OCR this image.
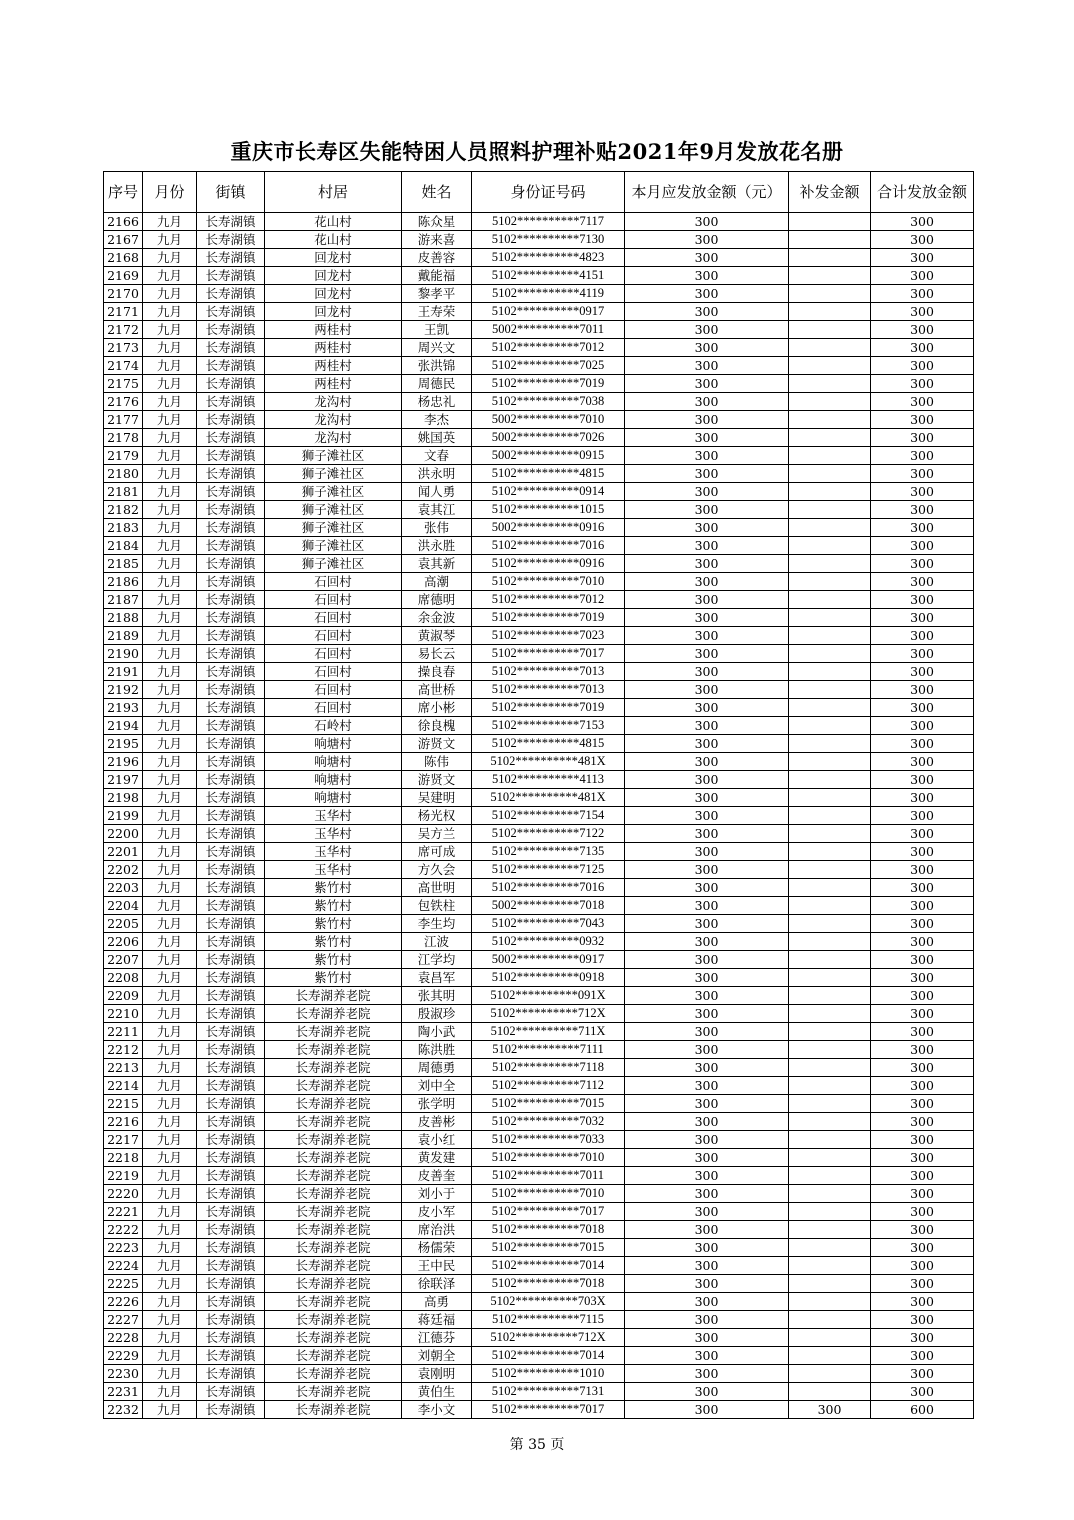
重庆市长寿区失能特困人员照料护理补贴2021年9月发放花名册
序号	月份	街镇	村居	姓名	身份证号码	本月应发放金额（元）	补发金额	合计发放金额
2166	九月	长寿湖镇	花山村	陈众星	5102**********7117	300		300
2167	九月	长寿湖镇	花山村	游来喜	5102**********7130	300		300
2168	九月	长寿湖镇	回龙村	皮善容	5102**********4823	300		300
2169	九月	长寿湖镇	回龙村	戴能福	5102**********4151	300		300
2170	九月	长寿湖镇	回龙村	黎孝平	5102**********4119	300		300
2171	九月	长寿湖镇	回龙村	王寿荣	5102**********0917	300		300
2172	九月	长寿湖镇	两桂村	王凯	5002**********7011	300		300
2173	九月	长寿湖镇	两桂村	周兴文	5102**********7012	300		300
2174	九月	长寿湖镇	两桂村	张洪锦	5102**********7025	300		300
2175	九月	长寿湖镇	两桂村	周德民	5102**********7019	300		300
2176	九月	长寿湖镇	龙沟村	杨忠礼	5102**********7038	300		300
2177	九月	长寿湖镇	龙沟村	李杰	5002**********7010	300		300
2178	九月	长寿湖镇	龙沟村	姚国英	5002**********7026	300		300
2179	九月	长寿湖镇	狮子滩社区	文春	5002**********0915	300		300
2180	九月	长寿湖镇	狮子滩社区	洪永明	5102**********4815	300		300
2181	九月	长寿湖镇	狮子滩社区	闻人勇	5102**********0914	300		300
2182	九月	长寿湖镇	狮子滩社区	袁其江	5102**********1015	300		300
2183	九月	长寿湖镇	狮子滩社区	张伟	5002**********0916	300		300
2184	九月	长寿湖镇	狮子滩社区	洪永胜	5102**********7016	300		300
2185	九月	长寿湖镇	狮子滩社区	袁其新	5102**********0916	300		300
2186	九月	长寿湖镇	石回村	高潮	5102**********7010	300		300
2187	九月	长寿湖镇	石回村	席德明	5102**********7012	300		300
2188	九月	长寿湖镇	石回村	余金波	5102**********7019	300		300
2189	九月	长寿湖镇	石回村	黄淑琴	5102**********7023	300		300
2190	九月	长寿湖镇	石回村	易长云	5102**********7017	300		300
2191	九月	长寿湖镇	石回村	操良春	5102**********7013	300		300
2192	九月	长寿湖镇	石回村	高世桥	5102**********7013	300		300
2193	九月	长寿湖镇	石回村	席小彬	5102**********7019	300		300
2194	九月	长寿湖镇	石岭村	徐良槐	5102**********7153	300		300
2195	九月	长寿湖镇	响塘村	游贤文	5102**********4815	300		300
2196	九月	长寿湖镇	响塘村	陈伟	5102**********481X	300		300
2197	九月	长寿湖镇	响塘村	游贤文	5102**********4113	300		300
2198	九月	长寿湖镇	响塘村	吴建明	5102**********481X	300		300
2199	九月	长寿湖镇	玉华村	杨光权	5102**********7154	300		300
2200	九月	长寿湖镇	玉华村	吴方兰	5102**********7122	300		300
2201	九月	长寿湖镇	玉华村	席可成	5102**********7135	300		300
2202	九月	长寿湖镇	玉华村	方久会	5102**********7125	300		300
2203	九月	长寿湖镇	紫竹村	高世明	5102**********7016	300		300
2204	九月	长寿湖镇	紫竹村	包铁柱	5002**********7018	300		300
2205	九月	长寿湖镇	紫竹村	李生均	5102**********7043	300		300
2206	九月	长寿湖镇	紫竹村	江波	5102**********0932	300		300
2207	九月	长寿湖镇	紫竹村	江学均	5002**********0917	300		300
2208	九月	长寿湖镇	紫竹村	袁昌军	5102**********0918	300		300
2209	九月	长寿湖镇	长寿湖养老院	张其明	5102**********091X	300		300
2210	九月	长寿湖镇	长寿湖养老院	殷淑珍	5102**********712X	300		300
2211	九月	长寿湖镇	长寿湖养老院	陶小武	5102**********711X	300		300
2212	九月	长寿湖镇	长寿湖养老院	陈洪胜	5102**********7111	300		300
2213	九月	长寿湖镇	长寿湖养老院	周德勇	5102**********7118	300		300
2214	九月	长寿湖镇	长寿湖养老院	刘中全	5102**********7112	300		300
2215	九月	长寿湖镇	长寿湖养老院	张学明	5102**********7015	300		300
2216	九月	长寿湖镇	长寿湖养老院	皮善彬	5102**********7032	300		300
2217	九月	长寿湖镇	长寿湖养老院	袁小红	5102**********7033	300		300
2218	九月	长寿湖镇	长寿湖养老院	黄发建	5102**********7010	300		300
2219	九月	长寿湖镇	长寿湖养老院	皮善奎	5102**********7011	300		300
2220	九月	长寿湖镇	长寿湖养老院	刘小于	5102**********7010	300		300
2221	九月	长寿湖镇	长寿湖养老院	皮小军	5102**********7017	300		300
2222	九月	长寿湖镇	长寿湖养老院	席治洪	5102**********7018	300		300
2223	九月	长寿湖镇	长寿湖养老院	杨儒荣	5102**********7015	300		300
2224	九月	长寿湖镇	长寿湖养老院	王中民	5102**********7014	300		300
2225	九月	长寿湖镇	长寿湖养老院	徐联泽	5102**********7018	300		300
2226	九月	长寿湖镇	长寿湖养老院	高勇	5102**********703X	300		300
2227	九月	长寿湖镇	长寿湖养老院	蒋廷福	5102**********7115	300		300
2228	九月	长寿湖镇	长寿湖养老院	江德芬	5102**********712X	300		300
2229	九月	长寿湖镇	长寿湖养老院	刘朝全	5102**********7014	300		300
2230	九月	长寿湖镇	长寿湖养老院	袁刚明	5102**********1010	300		300
2231	九月	长寿湖镇	长寿湖养老院	黄伯生	5102**********7131	300		300
2232	九月	长寿湖镇	长寿湖养老院	李小文	5102**********7017	300	300	600
第 35 页
